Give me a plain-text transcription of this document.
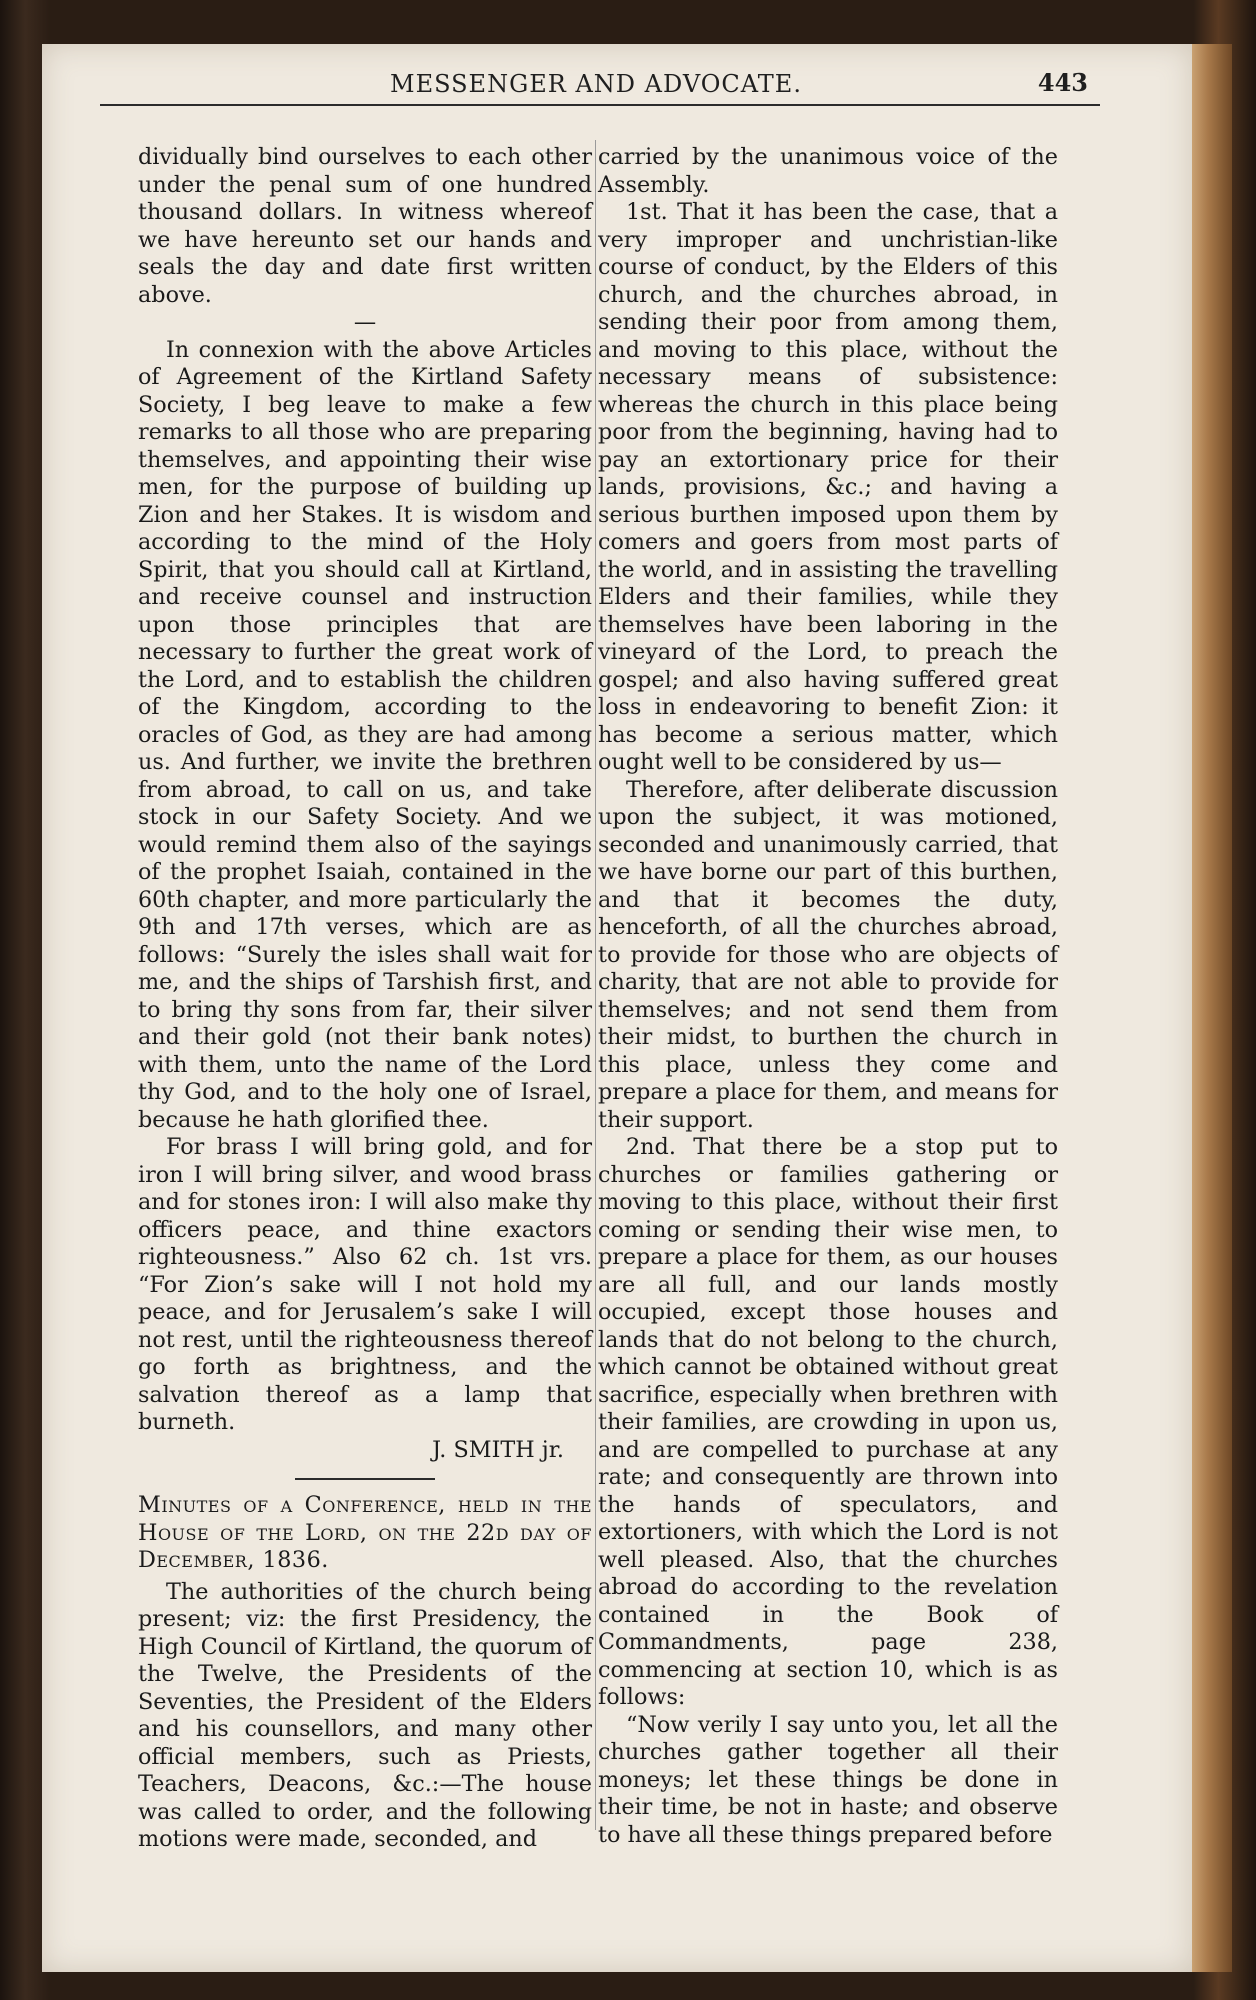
MESSENGER AND ADVOCATE.	443

dividually bind ourselves to each other under the penal sum of one hundred thousand dollars. In witness whereof we have hereunto set our hands and seals the day and date first written above.

—

In connexion with the above Articles of Agreement of the Kirtland Safety Society, I beg leave to make a few remarks to all those who are preparing themselves, and appointing their wise men, for the purpose of building up Zion and her Stakes. It is wisdom and according to the mind of the Holy Spirit, that you should call at Kirtland, and receive counsel and instruction upon those principles that are necessary to further the great work of the Lord, and to establish the children of the Kingdom, according to the oracles of God, as they are had among us. And further, we invite the brethren from abroad, to call on us, and take stock in our Safety Society. And we would remind them also of the sayings of the prophet Isaiah, contained in the 60th chapter, and more particularly the 9th and 17th verses, which are as follows: “Surely the isles shall wait for me, and the ships of Tarshish first, and to bring thy sons from far, their silver and their gold (not their bank notes) with them, unto the name of the Lord thy God, and to the holy one of Israel, because he hath glorified thee.

For brass I will bring gold, and for iron I will bring silver, and wood brass and for stones iron: I will also make thy officers peace, and thine exactors righteousness.” Also 62 ch. 1st vrs. “For Zion’s sake will I not hold my peace, and for Jerusalem’s sake I will not rest, until the righteousness thereof go forth as brightness, and the salvation thereof as a lamp that burneth.

J. SMITH jr.

Minutes of a Conference, held in the House of the Lord, on the 22d day of December, 1836.

The authorities of the church being present; viz: the first Presidency, the High Council of Kirtland, the quorum of the Twelve, the Presidents of the Seventies, the President of the Elders and his counsellors, and many other official members, such as Priests, Teachers, Deacons, &c.:—The house was called to order, and the following motions were made, seconded, and

carried by the unanimous voice of the Assembly.

1st. That it has been the case, that a very improper and unchristian-like course of conduct, by the Elders of this church, and the churches abroad, in sending their poor from among them, and moving to this place, without the necessary means of subsistence: whereas the church in this place being poor from the beginning, having had to pay an extortionary price for their lands, provisions, &c.; and having a serious burthen imposed upon them by comers and goers from most parts of the world, and in assisting the travelling Elders and their families, while they themselves have been laboring in the vineyard of the Lord, to preach the gospel; and also having suffered great loss in endeavoring to benefit Zion: it has become a serious matter, which ought well to be considered by us—

Therefore, after deliberate discussion upon the subject, it was motioned, seconded and unanimously carried, that we have borne our part of this burthen, and that it becomes the duty, henceforth, of all the churches abroad, to provide for those who are objects of charity, that are not able to provide for themselves; and not send them from their midst, to burthen the church in this place, unless they come and prepare a place for them, and means for their support.

2nd. That there be a stop put to churches or families gathering or moving to this place, without their first coming or sending their wise men, to prepare a place for them, as our houses are all full, and our lands mostly occupied, except those houses and lands that do not belong to the church, which cannot be obtained without great sacrifice, especially when brethren with their families, are crowding in upon us, and are compelled to purchase at any rate; and consequently are thrown into the hands of speculators, and extortioners, with which the Lord is not well pleased. Also, that the churches abroad do according to the revelation contained in the Book of Commandments, page 238, commencing at section 10, which is as follows:

“Now verily I say unto you, let all the churches gather together all their moneys; let these things be done in their time, be not in haste; and observe to have all these things prepared before
